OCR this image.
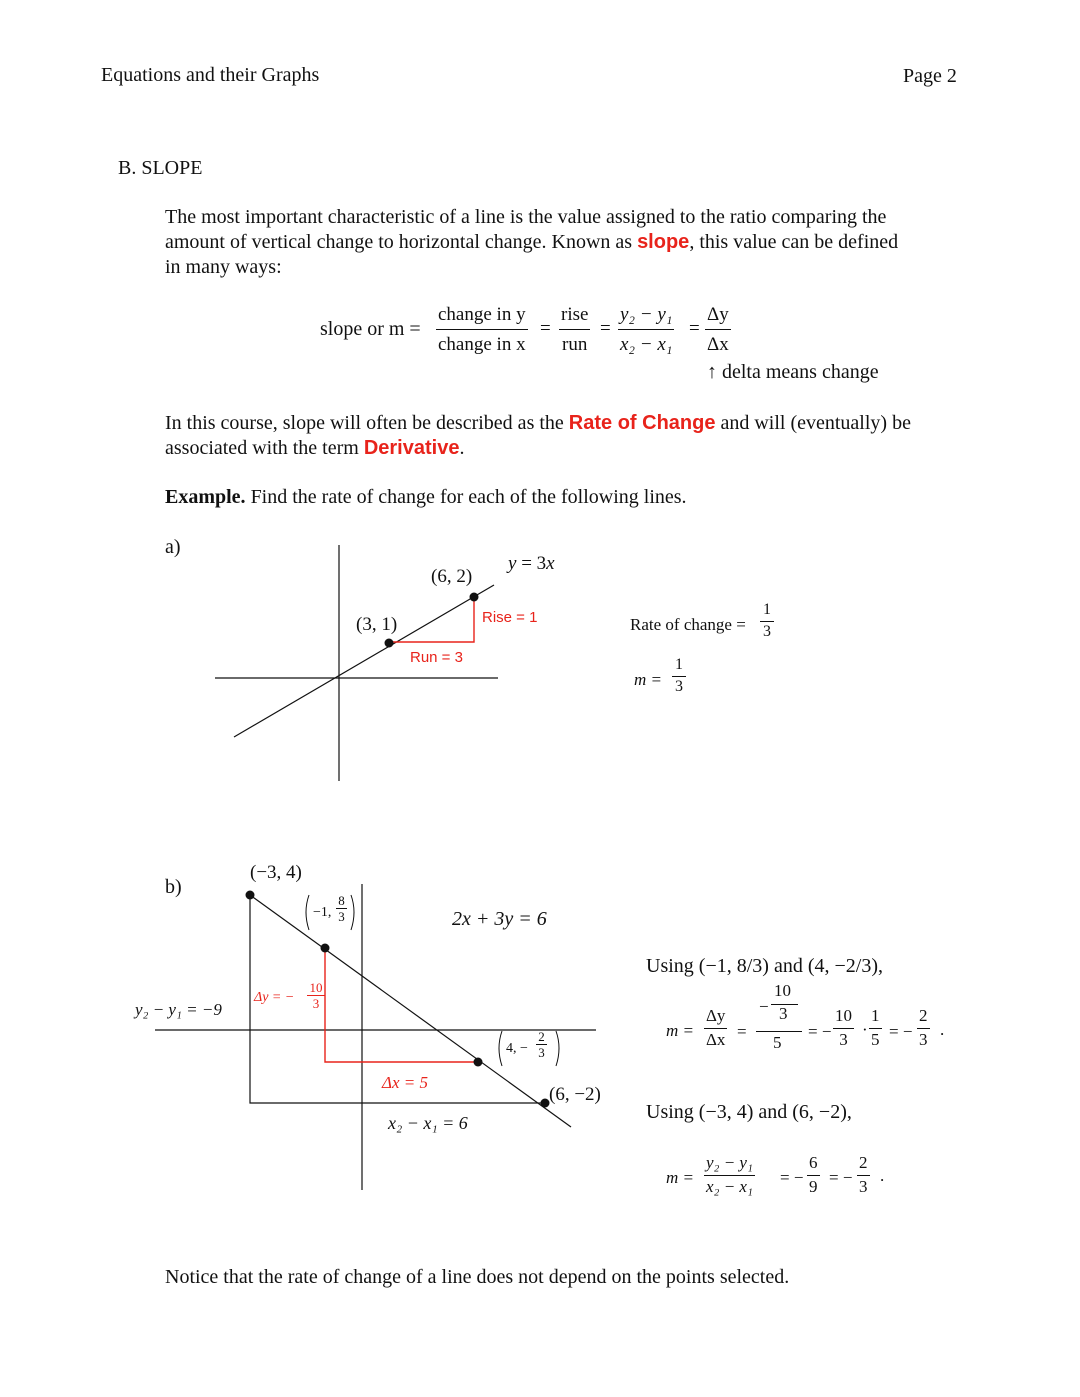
Equations and their Graphs	Page 2
B. SLOPE
The most important characteristic of a line is the value assigned to the ratio comparing the
amount of vertical change to horizontal change. Known as slope, this value can be defined
in many ways:
slope or m =
change in y
change in x
=
rise
run
= $\frac{\text{y₂ − y₁}}{\text{x₂ − x₁}} = \frac{\Delta y}{\Delta x}$
↑ delta means change
In this course, slope will often be described as the Rate of Change and will (eventually) be
associated with the term Derivative.
Example. Find the rate of change for each of the following lines.
a)
y = 3x
(6, 2)
(3, 1)	Rise = 1
Run = 3
Rate of change = $\frac{1}{3}$
$m = \frac{1}{3}$
b)
(−3, 4)
−1, $\frac{8}{3}$	2x + 3y = 6
4, − $\frac{2}{3}$
(6, −2)
Δy = − $\frac{10}{3}$
y₂ − y₁ = −9
Δx = 5
x₂ − x₁ = 6
Using (−1, 8/3) and (4, −2/3),
$m = \frac{\Delta y}{\Delta x}$ =
−
10
3
5
= − $\frac{10}{3} \cdot \frac{1}{5}$ = − $\frac{2}{3}$ .
Using (−3, 4) and (6, −2),
$m = \frac{\text{y₂ − y₁}}{\text{x₂ − x₁}}$ = − $\frac{6}{9}$ = − $\frac{2}{3}$ .
Notice that the rate of change of a line does not depend on the points selected.
